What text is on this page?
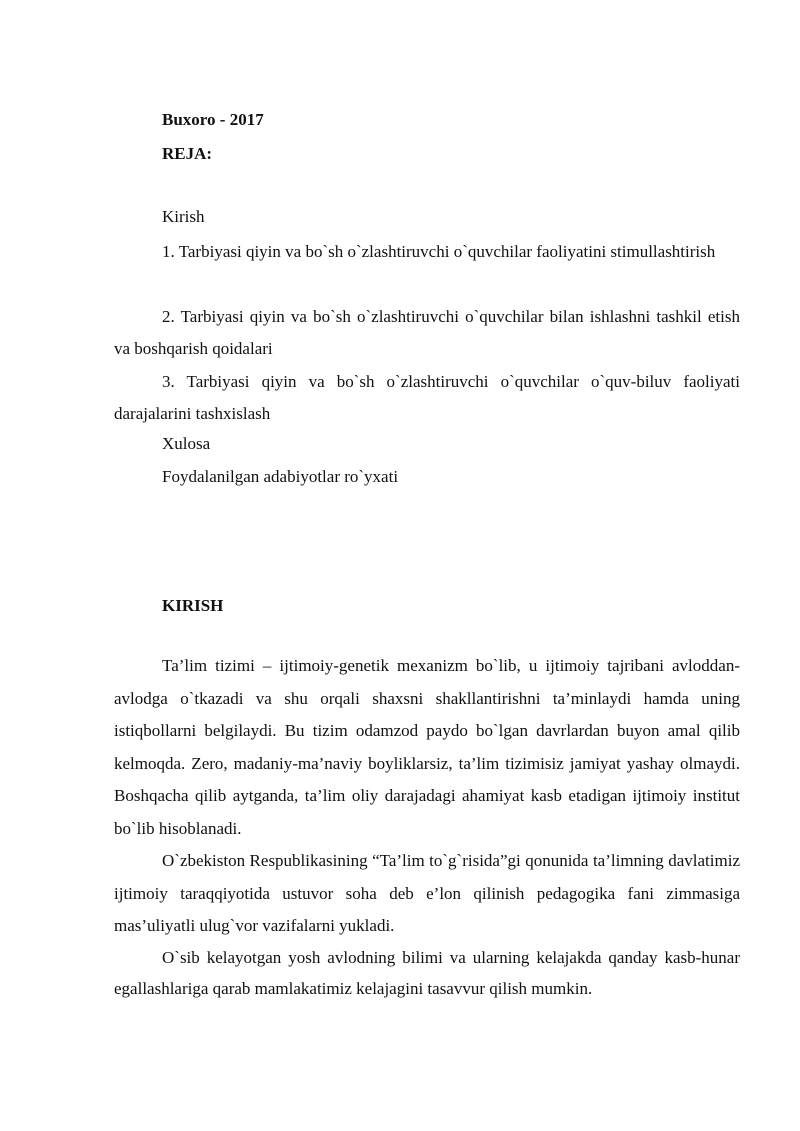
Buxoro - 2017
REJA:
Kirish

1. Tarbiyasi qiyin va bo`sh o`zlashtiruvchi o`quvchilar faoliyatini stimullashtirish

2. Tarbiyasi qiyin va bo`sh o`zlashtiruvchi o`quvchilar bilan ishlashni tashkil etish va boshqarish qoidalari

3. Tarbiyasi qiyin va bo`sh o`zlashtiruvchi o`quvchilar o`quv-biluv faoliyati darajalarini tashxislash

Xulosa
Foydalanilgan adabiyotlar ro`yxati
KIRISH

Ta’lim tizimi – ijtimoiy-genetik mexanizm bo`lib, u ijtimoiy tajribani avloddan-avlodga o`tkazadi va shu orqali shaxsni shakllantirishni ta’minlaydi hamda uning istiqbollarni belgilaydi. Bu tizim odamzod paydo bo`lgan davrlardan buyon amal qilib kelmoqda. Zero, madaniy-ma’naviy boyliklarsiz, ta’lim tizimisiz jamiyat yashay olmaydi. Boshqacha qilib aytganda, ta’lim oliy darajadagi ahamiyat kasb etadigan ijtimoiy institut bo`lib hisoblanadi.

O`zbekiston Respublikasining “Ta’lim to`g`risida”gi qonunida ta’limning davlatimiz ijtimoiy taraqqiyotida ustuvor soha deb e’lon qilinish pedagogika fani zimmasiga mas’uliyatli ulug`vor vazifalarni yukladi.

O`sib kelayotgan yosh avlodning bilimi va ularning kelajakda qanday kasb-hunar egallashlariga qarab mamlakatimiz kelajagini tasavvur qilish mumkin.
